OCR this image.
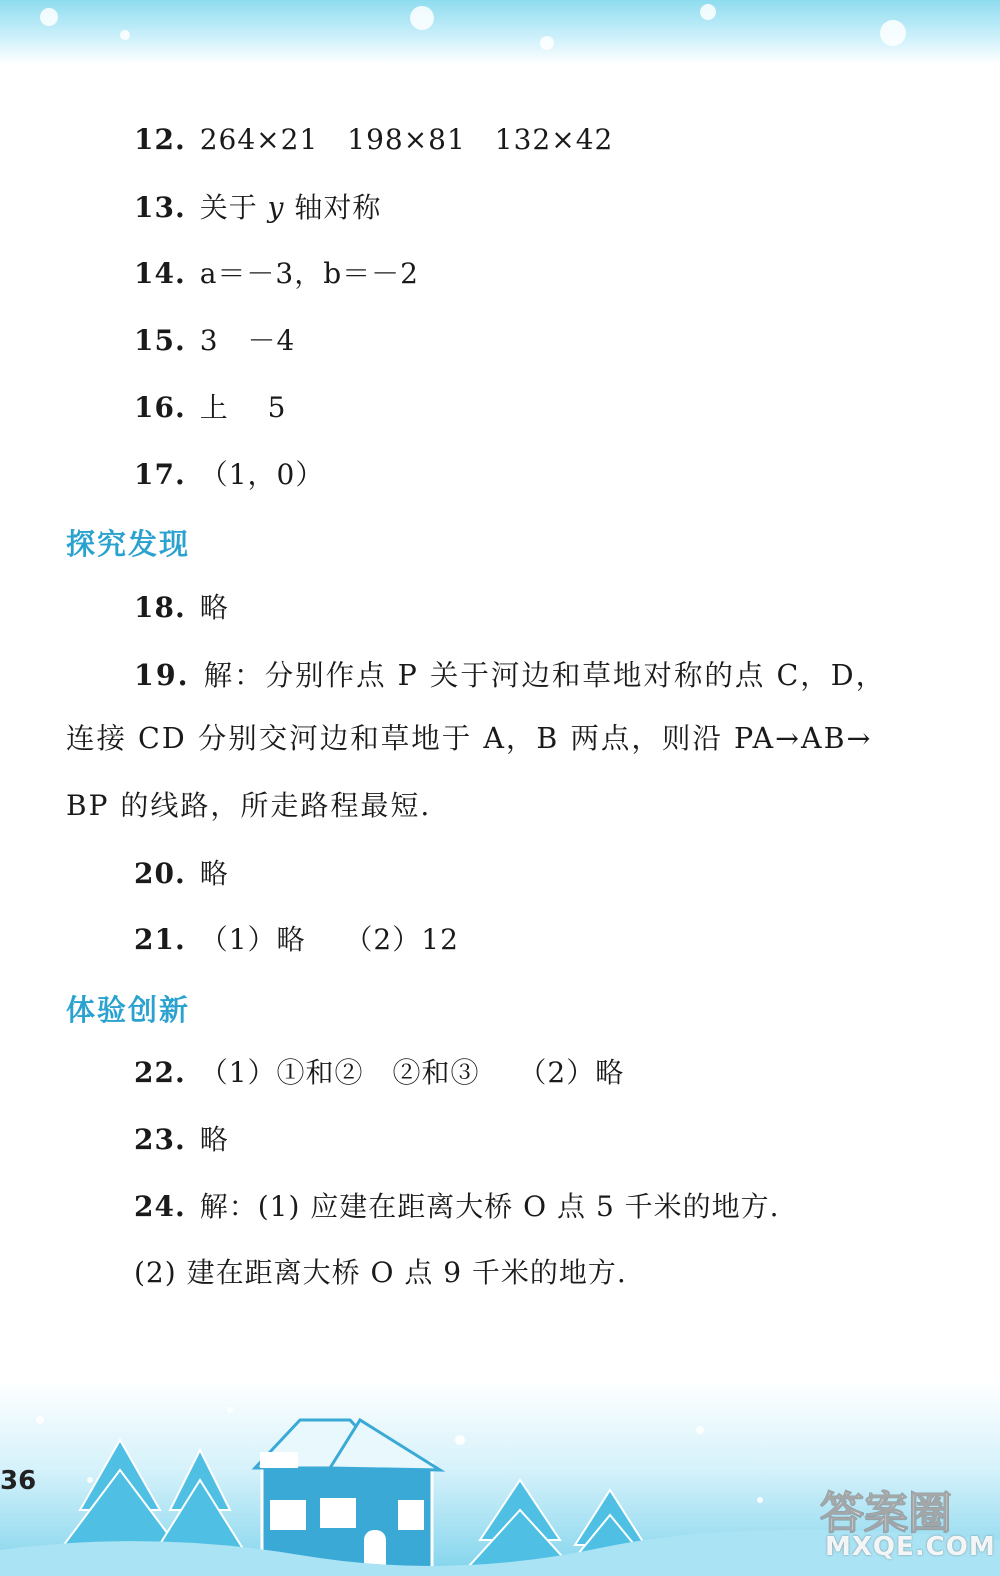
12. 264×21　198×81　132×42
13. 关于 y 轴对称
14. a＝－3，b＝－2
15. 3　－4
16. 上　 5
17. （1，0）
探究发现
18. 略
19. 解：分别作点 P 关于河边和草地对称的点 C，D，
连接 CD 分别交河边和草地于 A，B 两点，则沿 PA→AB→
BP 的线路，所走路程最短.
20. 略
21. （1）略　 （2）12
体验创新
22. （1）①和②　②和③　 （2）略
23. 略
24. 解：(1) 应建在距离大桥 O 点 5 千米的地方.
(2) 建在距离大桥 O 点 9 千米的地方.
36
答案圈
MXQE.COM
